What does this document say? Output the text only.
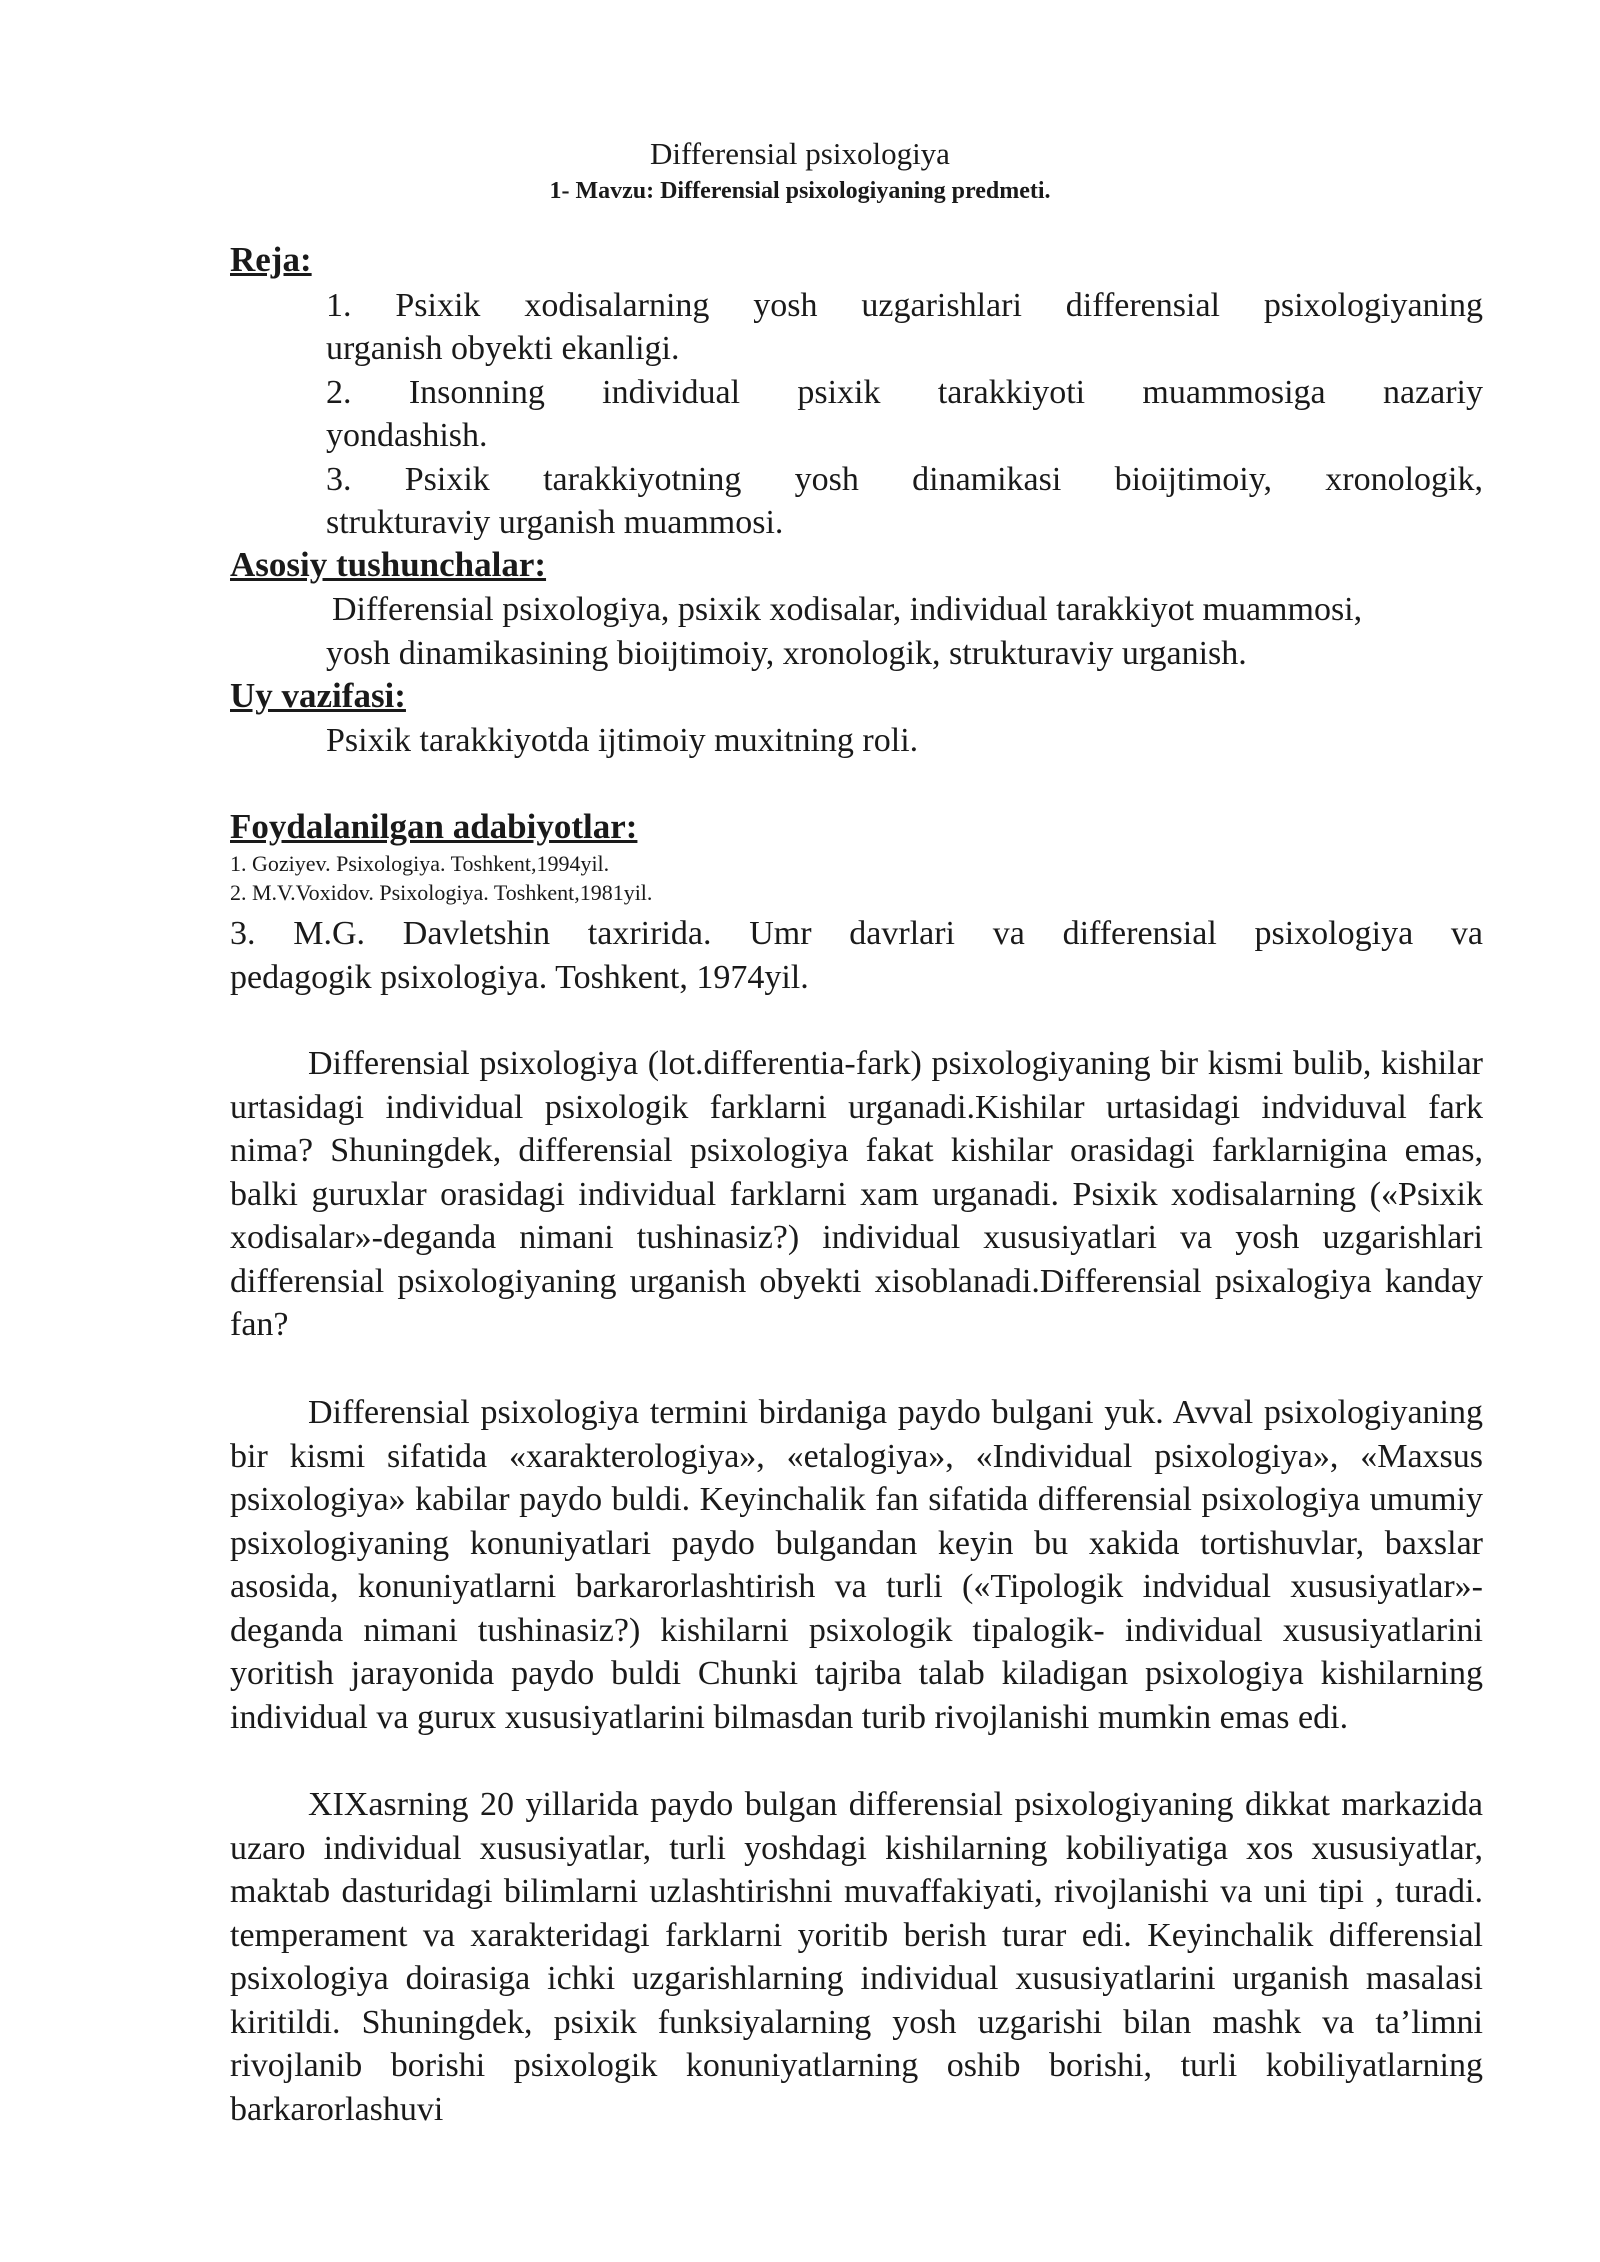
Differensial psixologiya
1- Mavzu: Differensial psixologiyaning predmeti.
Reja:
1. Psixik xodisalarning yosh uzgarishlari differensial psixologiyaning
urganish obyekti ekanligi.
2. Insonning individual psixik tarakkiyoti muammosiga nazariy
yondashish.
3. Psixik tarakkiyotning yosh dinamikasi bioijtimoiy, xronologik,
strukturaviy urganish muammosi.
Asosiy tushunchalar:
Differensial psixologiya, psixik xodisalar, individual tarakkiyot muammosi,
yosh dinamikasining bioijtimoiy, xronologik, strukturaviy urganish.
Uy vazifasi:
Psixik tarakkiyotda ijtimoiy muxitning roli.
Foydalanilgan adabiyotlar:
1. Goziyev. Psixologiya. Toshkent,1994yil.
2. M.V.Voxidov. Psixologiya. Toshkent,1981yil.
3. M.G. Davletshin taxririda. Umr davrlari va differensial psixologiya va
pedagogik psixologiya. Toshkent, 1974yil.
Differensial psixologiya (lot.differentia-fark) psixologiyaning bir kismi bulib, kishilar urtasidagi individual psixologik farklarni urganadi.Kishilar urtasidagi indviduval fark nima? Shuningdek, differensial psixologiya fakat kishilar orasidagi farklarnigina emas, balki guruxlar orasidagi individual farklarni xam urganadi. Psixik xodisalarning («Psixik xodisalar»-deganda nimani tushinasiz?) individual xususiyatlari va yosh uzgarishlari differensial psixologiyaning urganish obyekti xisoblanadi.Differensial psixalogiya kanday fan?
Differensial psixologiya termini birdaniga paydo bulgani yuk. Avval psixologiyaning bir kismi sifatida «xarakterologiya», «etalogiya», «Individual psixologiya», «Maxsus psixologiya» kabilar paydo buldi. Keyinchalik fan sifatida differensial psixologiya umumiy psixologiyaning konuniyatlari paydo bulgandan keyin bu xakida tortishuvlar, baxslar asosida, konuniyatlarni barkarorlashtirish va turli («Tipologik indvidual xususiyatlar»- deganda nimani tushinasiz?) kishilarni psixologik tipalogik- individual xususiyatlarini yoritish jarayonida paydo buldi Chunki tajriba talab kiladigan psixologiya kishilarning individual va gurux xususiyatlarini bilmasdan turib rivojlanishi mumkin emas edi.
XIXasrning 20 yillarida paydo bulgan differensial psixologiyaning dikkat markazida uzaro individual xususiyatlar, turli yoshdagi kishilarning kobiliyatiga xos xususiyatlar, maktab dasturidagi bilimlarni uzlashtirishni muvaffakiyati, rivojlanishi va uni tipi , turadi. temperament va xarakteridagi farklarni yoritib berish turar edi. Keyinchalik differensial psixologiya doirasiga ichki uzgarishlarning individual xususiyatlarini urganish masalasi kiritildi. Shuningdek, psixik funksiyalarning yosh uzgarishi bilan mashk va ta’limni rivojlanib borishi psixologik konuniyatlarning oshib borishi, turli kobiliyatlarning barkarorlashuvi
